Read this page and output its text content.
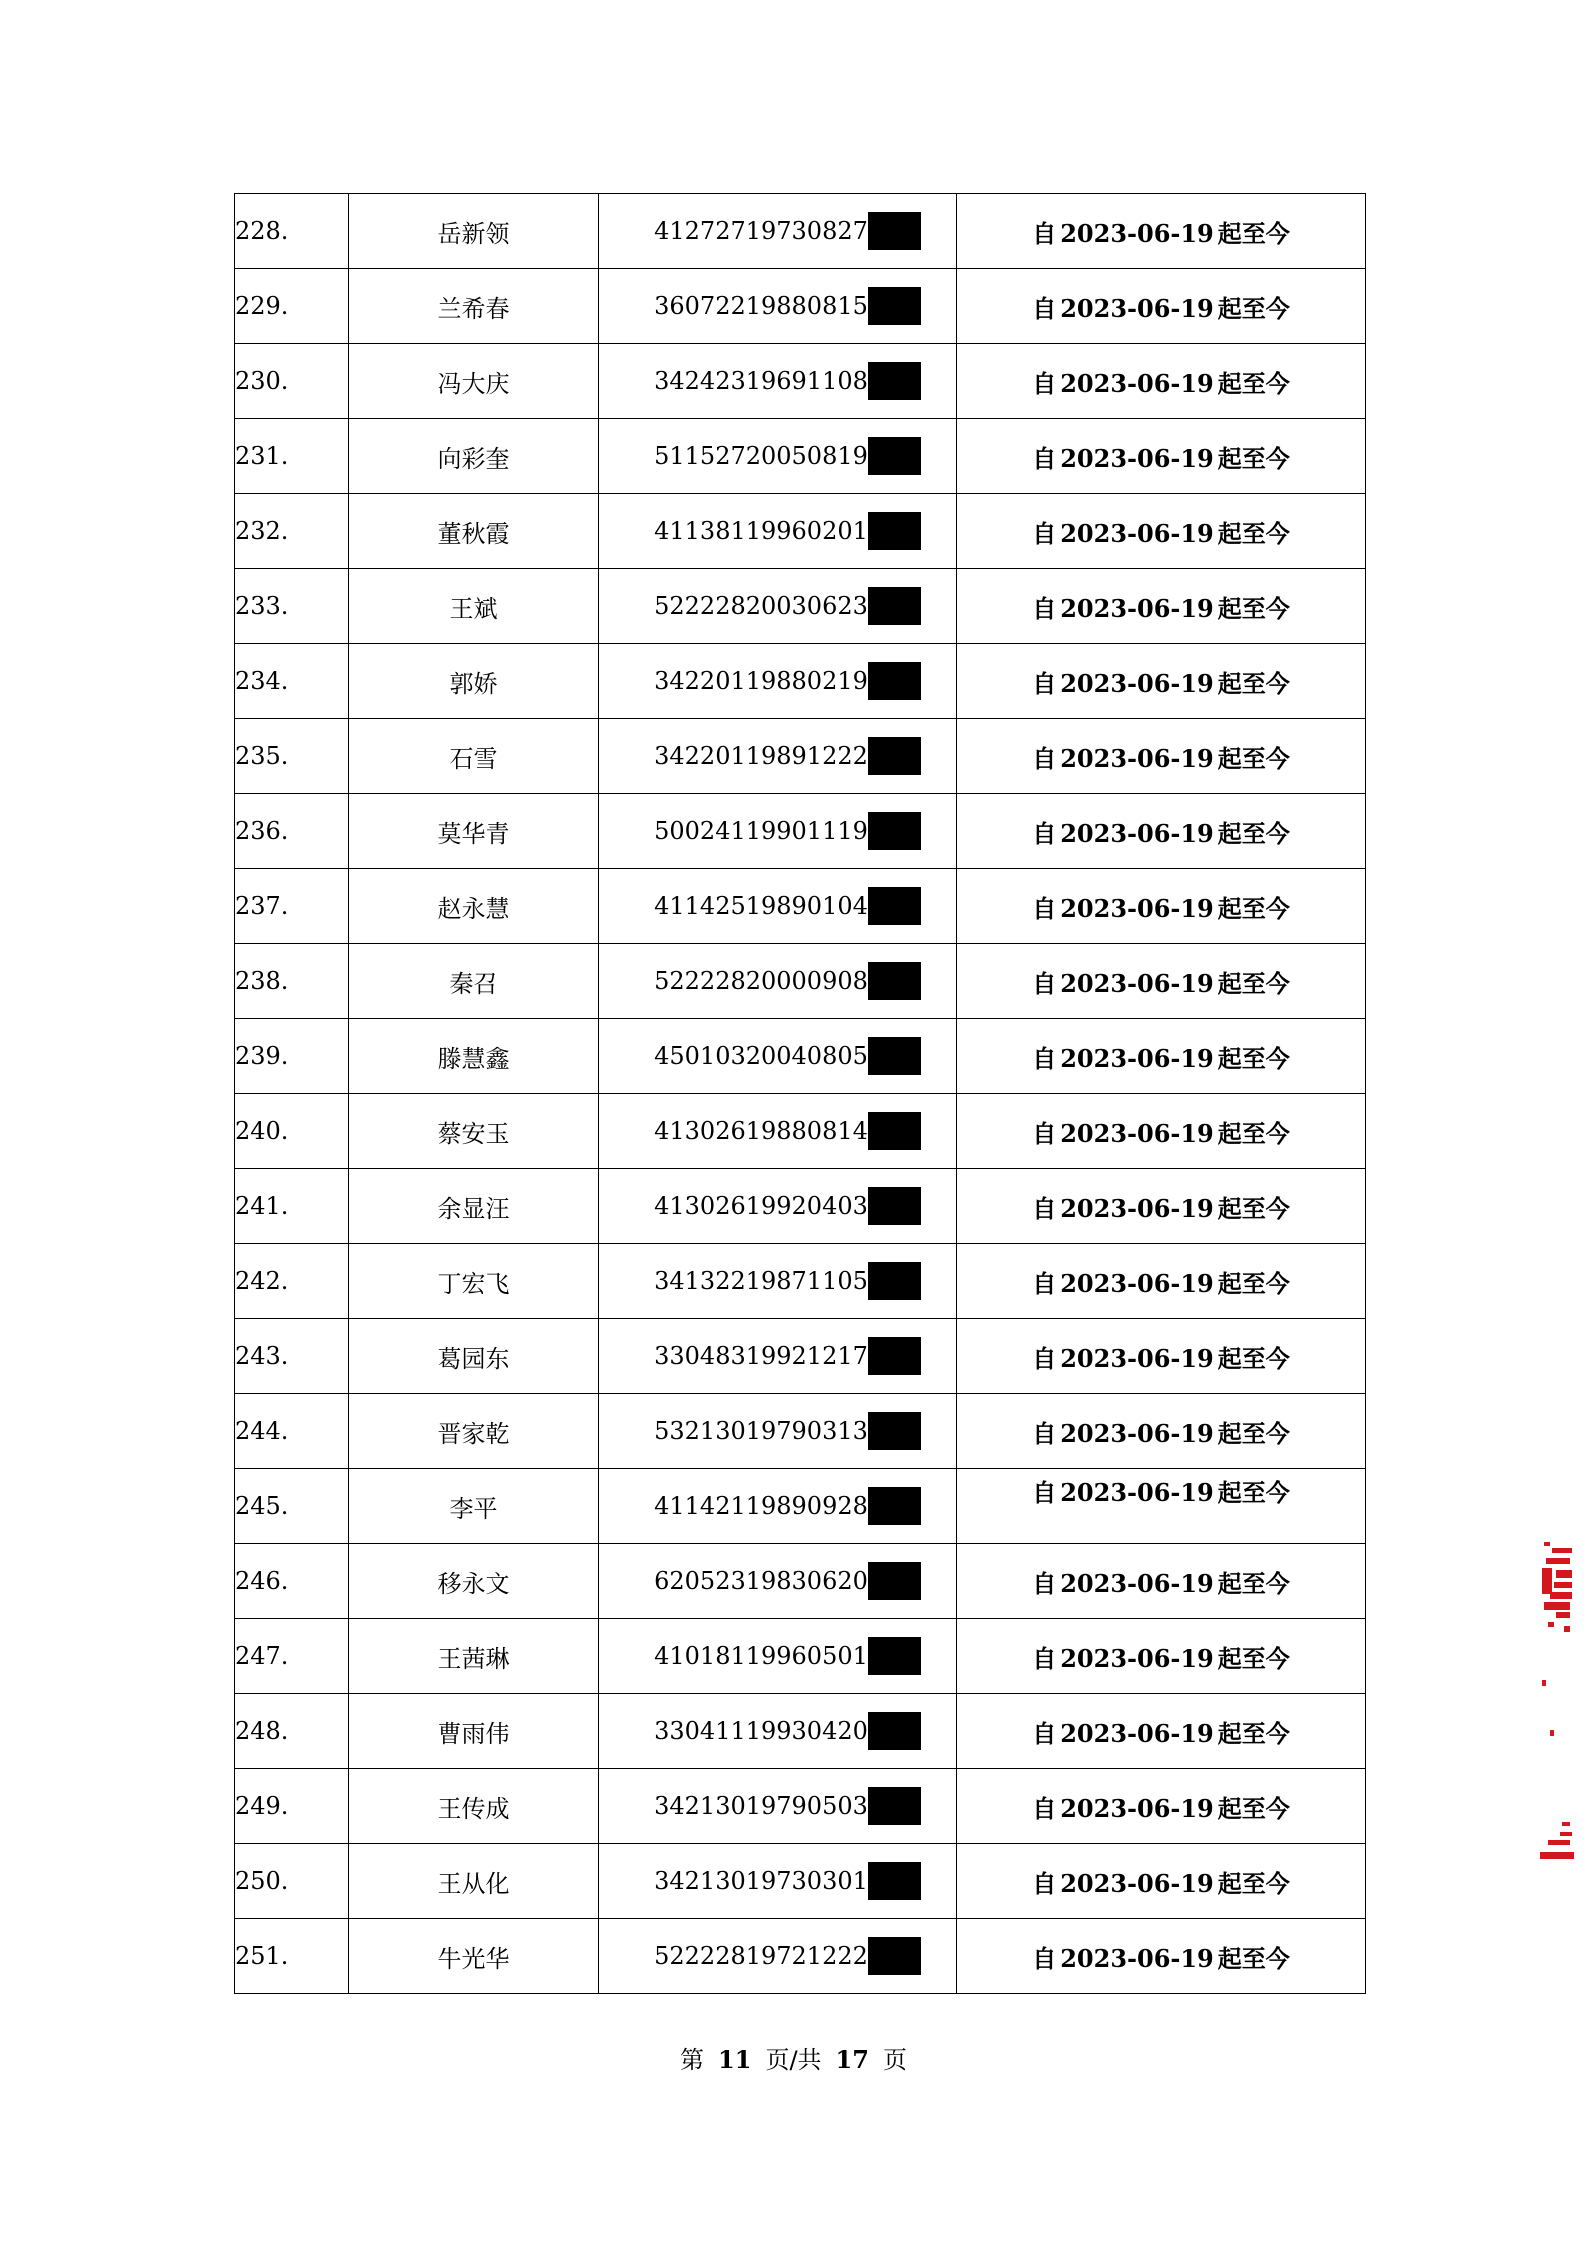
228.	岳新领	41272719730827	自 2023-06-19 起至今
229.	兰希春	36072219880815	自 2023-06-19 起至今
230.	冯大庆	34242319691108	自 2023-06-19 起至今
231.	向彩奎	51152720050819	自 2023-06-19 起至今
232.	董秋霞	41138119960201	自 2023-06-19 起至今
233.	王斌	52222820030623	自 2023-06-19 起至今
234.	郭娇	34220119880219	自 2023-06-19 起至今
235.	石雪	34220119891222	自 2023-06-19 起至今
236.	莫华青	50024119901119	自 2023-06-19 起至今
237.	赵永慧	41142519890104	自 2023-06-19 起至今
238.	秦召	52222820000908	自 2023-06-19 起至今
239.	滕慧鑫	45010320040805	自 2023-06-19 起至今
240.	蔡安玉	41302619880814	自 2023-06-19 起至今
241.	余显汪	41302619920403	自 2023-06-19 起至今
242.	丁宏飞	34132219871105	自 2023-06-19 起至今
243.	葛园东	33048319921217	自 2023-06-19 起至今
244.	晋家乾	53213019790313	自 2023-06-19 起至今
245.	李平	41142119890928	自 2023-06-19 起至今
246.	移永文	62052319830620	自 2023-06-19 起至今
247.	王茜琳	41018119960501	自 2023-06-19 起至今
248.	曹雨伟	33041119930420	自 2023-06-19 起至今
249.	王传成	34213019790503	自 2023-06-19 起至今
250.	王从化	34213019730301	自 2023-06-19 起至今
251.	牛光华	52222819721222	自 2023-06-19 起至今
第 11 页/共 17 页
